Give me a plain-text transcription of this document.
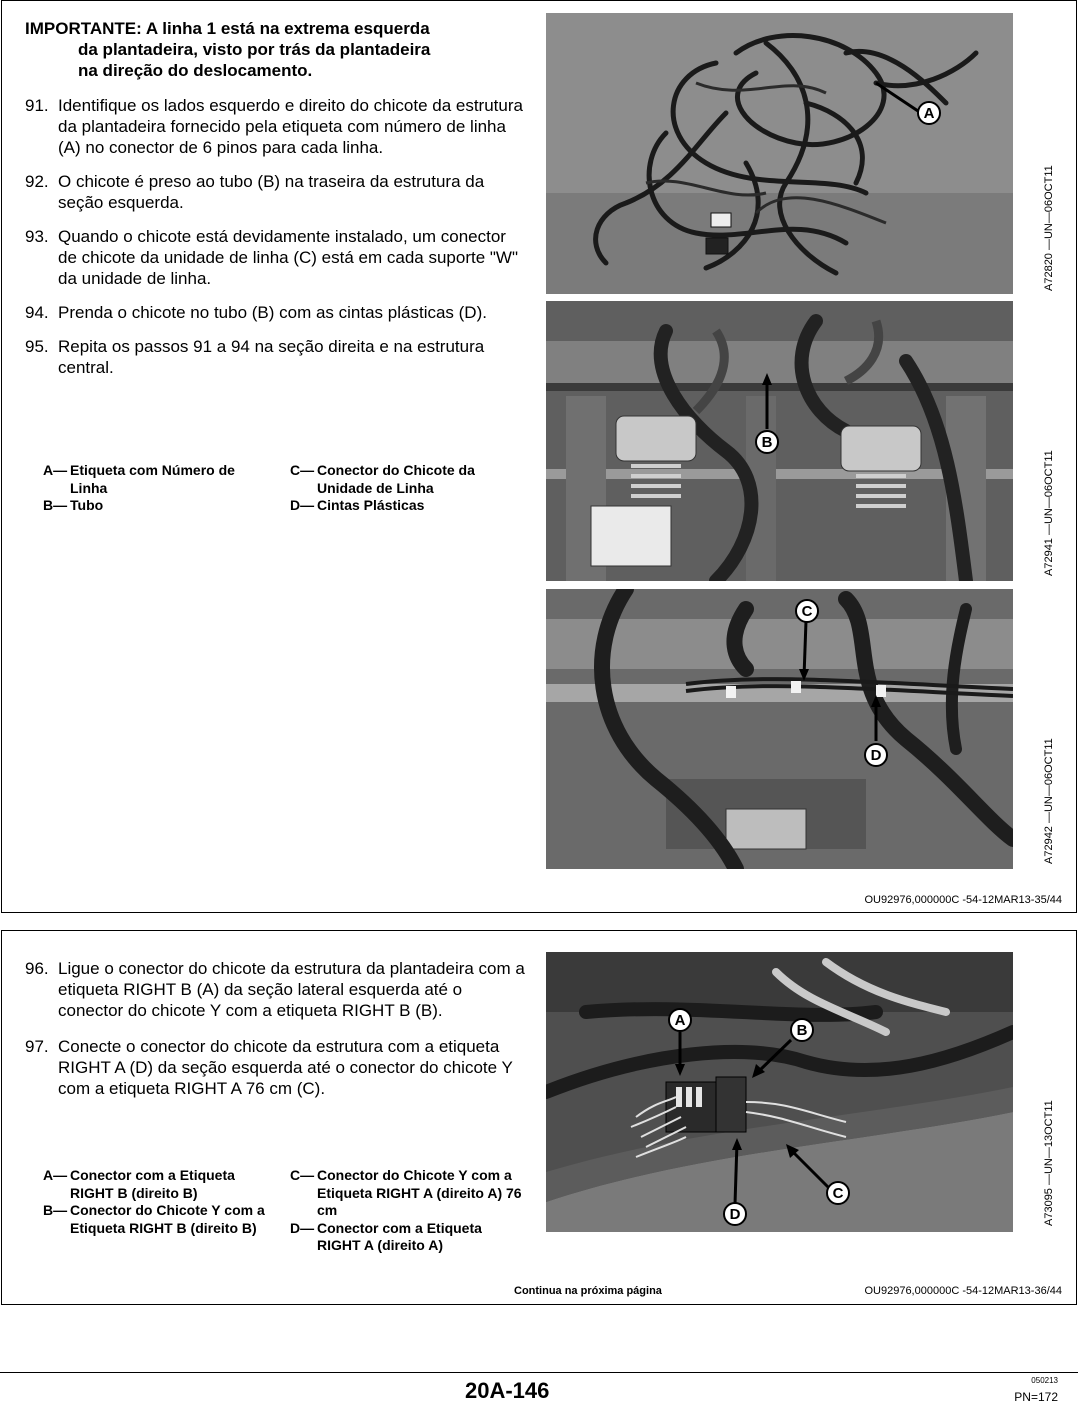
IMPORTANTE: A linha 1 está na extrema esquerda
da plantadeira, visto por trás da plantadeira
na direção do deslocamento.
91. Identifique os lados esquerdo e direito do chicote da estrutura da plantadeira fornecido pela etiqueta com número de linha (A) no conector de 6 pinos para cada linha.
92. O chicote é preso ao tubo (B) na traseira da estrutura da seção esquerda.
93. Quando o chicote está devidamente instalado, um conector de chicote da unidade de linha (C) está em cada suporte "W" da unidade de linha.
94. Prenda o chicote no tubo (B) com as cintas plásticas (D).
95. Repita os passos 91 a 94 na seção direita e na estrutura central.
A— Etiqueta com Número de Linha
B— Tubo
C— Conector do Chicote da Unidade de Linha
D— Cintas Plásticas
A
B
C
D
A72820 —UN—06OCT11
A72941 —UN—06OCT11
A72942 —UN—06OCT11
OU92976,000000C -54-12MAR13-35/44
96. Ligue o conector do chicote da estrutura da plantadeira com a etiqueta RIGHT B (A) da seção lateral esquerda até o conector do chicote Y com a etiqueta RIGHT B (B).
97. Conecte o conector do chicote da estrutura com a etiqueta RIGHT A (D) da seção esquerda até o conector do chicote Y com a etiqueta RIGHT A 76 cm (C).
A— Conector com a Etiqueta RIGHT B (direito B)
B— Conector do Chicote Y com a Etiqueta RIGHT B (direito B)
C— Conector do Chicote Y com a Etiqueta RIGHT A (direito A) 76 cm
D— Conector com a Etiqueta RIGHT A (direito A)
A
B
C
D	A73095 —UN—13OCT11
Continua na próxima página	OU92976,000000C -54-12MAR13-36/44
20A-146	050213
PN=172
